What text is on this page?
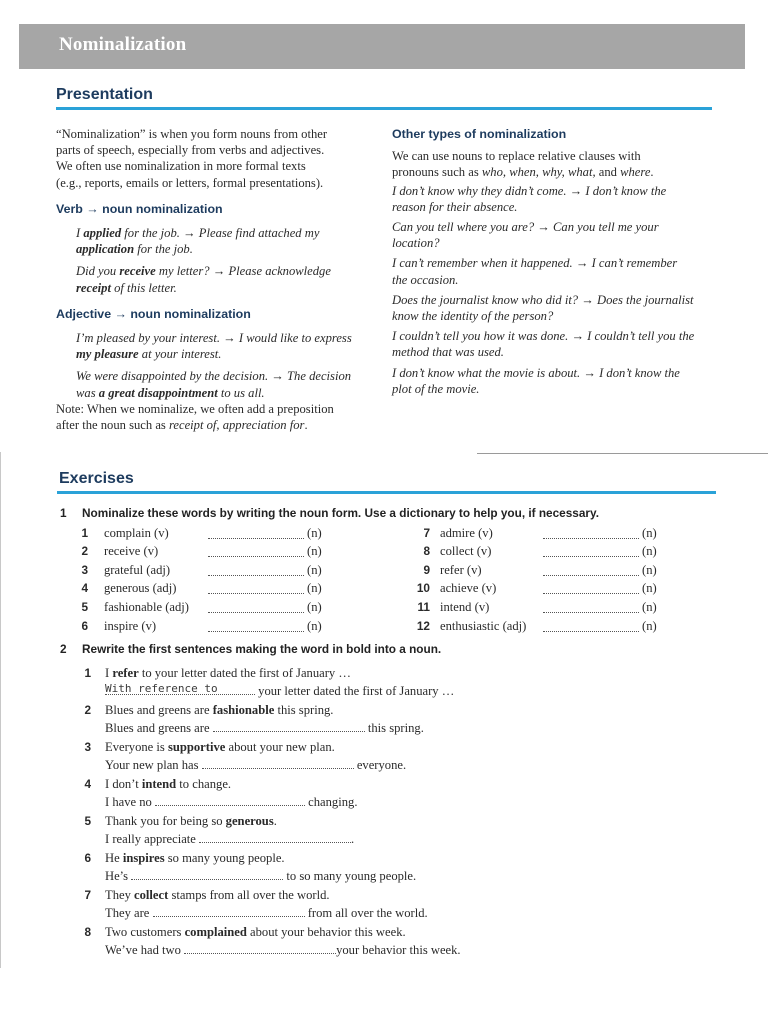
Nominalization
Presentation

“Nominalization” is when you form nouns from other

parts of speech, especially from verbs and adjectives.

We often use nominalization in more formal texts

(e.g., reports, emails or letters, formal presentations).

Verb → noun nominalization

I applied for the job. → Please find attached my

application for the job.

Did you receive my letter? → Please acknowledge

receipt of this letter.

Adjective → noun nominalization

I’m pleased by your interest. → I would like to express

my pleasure at your interest.

We were disappointed by the decision. → The decision

was a great disappointment to us all.

Note: When we nominalize, we often add a preposition

after the noun such as receipt of, appreciation for.

Other types of nominalization

We can use nouns to replace relative clauses with

pronouns such as who, when, why, what, and where.

I don’t know why they didn’t come. → I don’t know the

reason for their absence.

Can you tell where you are? → Can you tell me your

location?

I can’t remember when it happened. → I can’t remember

the occasion.

Does the journalist know who did it? → Does the journalist

know the identity of the person?

I couldn’t tell you how it was done. → I couldn’t tell you the

method that was used.

I don’t know what the movie is about. → I don’t know the

plot of the movie.

Exercises
1 Nominalize these words by writing the noun form. Use a dictionary to help you, if necessary.
1 complain (v)	(n)
2 receive (v)	(n)
3 grateful (adj)	(n)
4 generous (adj)	(n)
5 fashionable (adj)	(n)
6 inspire (v)	(n)
7 admire (v)	(n)
8 collect (v)	(n)
9 refer (v)	(n)
10 achieve (v)	(n)
11 intend (v)	(n)
12 enthusiastic (adj)	(n)
2 Rewrite the first sentences making the word in bold into a noun.
1 I refer to your letter dated the first of January …
With reference to	your letter dated the first of January …
2 Blues and greens are fashionable this spring.
Blues and greens are	this spring.
3 Everyone is supportive about your new plan.
Your new plan has	everyone.
4 I don’t intend to change.
I have no	changing.
5 Thank you for being so generous.
I really appreciate	.
6 He inspires so many young people.
He’s	to so many young people.
7 They collect stamps from all over the world.
They are	from all over the world.
8 Two customers complained about your behavior this week.
We’ve had two	your behavior this week.
